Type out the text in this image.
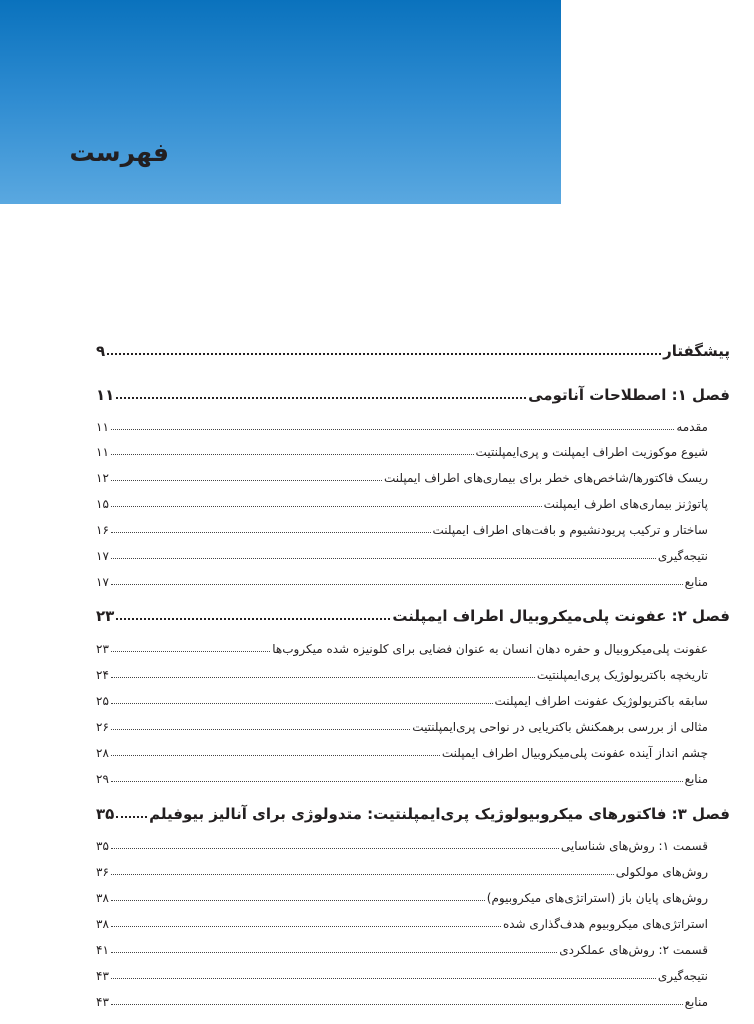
فهرست
پیشگفتار
۹
فصل ۱: اصطلاحات آناتومی
۱۱
مقدمه
۱۱
شیوع موکوزیت اطراف ایمپلنت و پری‌ایمپلنتیت
۱۱
ریسک فاکتورها/شاخص‌های خطر برای بیماری‌های اطراف ایمپلنت
۱۲
پاتوژنز بیماری‌های اطرف ایمپلنت
۱۵
ساختار و ترکیب پریودنشیوم و بافت‌های اطراف ایمپلنت
۱۶
نتیجه‌گیری
۱۷
منابع
۱۷
فصل ۲: عفونت پلی‌میکروبیال اطراف ایمپلنت
۲۳
عفونت پلی‌میکروبیال و حفره دهان انسان به عنوان فضایی برای کلونیزه شده میکروب‌ها
۲۳
تاریخچه باکتریولوژیک پری‌ایمپلنتیت
۲۴
سابقه باکتریولوژیک عفونت اطراف ایمپلنت
۲۵
مثالی از بررسی برهمکنش باکتریایی در نواحی پری‌ایمپلنتیت
۲۶
چشم انداز آینده عفونت پلی‌میکروبیال اطراف ایمپلنت
۲۸
منابع
۲۹
فصل ۳: فاکتورهای میکروبیولوژیک پری‌ایمپلنتیت: متدولوژی برای آنالیز بیوفیلم
۳۵
قسمت ۱: روش‌های شناسایی
۳۵
روش‌های مولکولی
۳۶
روش‌های پایان باز (استراتژی‌های میکروبیوم)
۳۸
استراتژی‌های میکروبیوم هدف‌گذاری شده
۳۸
قسمت ۲: روش‌های عملکردی
۴۱
نتیجه‌گیری
۴۳
منابع
۴۳
